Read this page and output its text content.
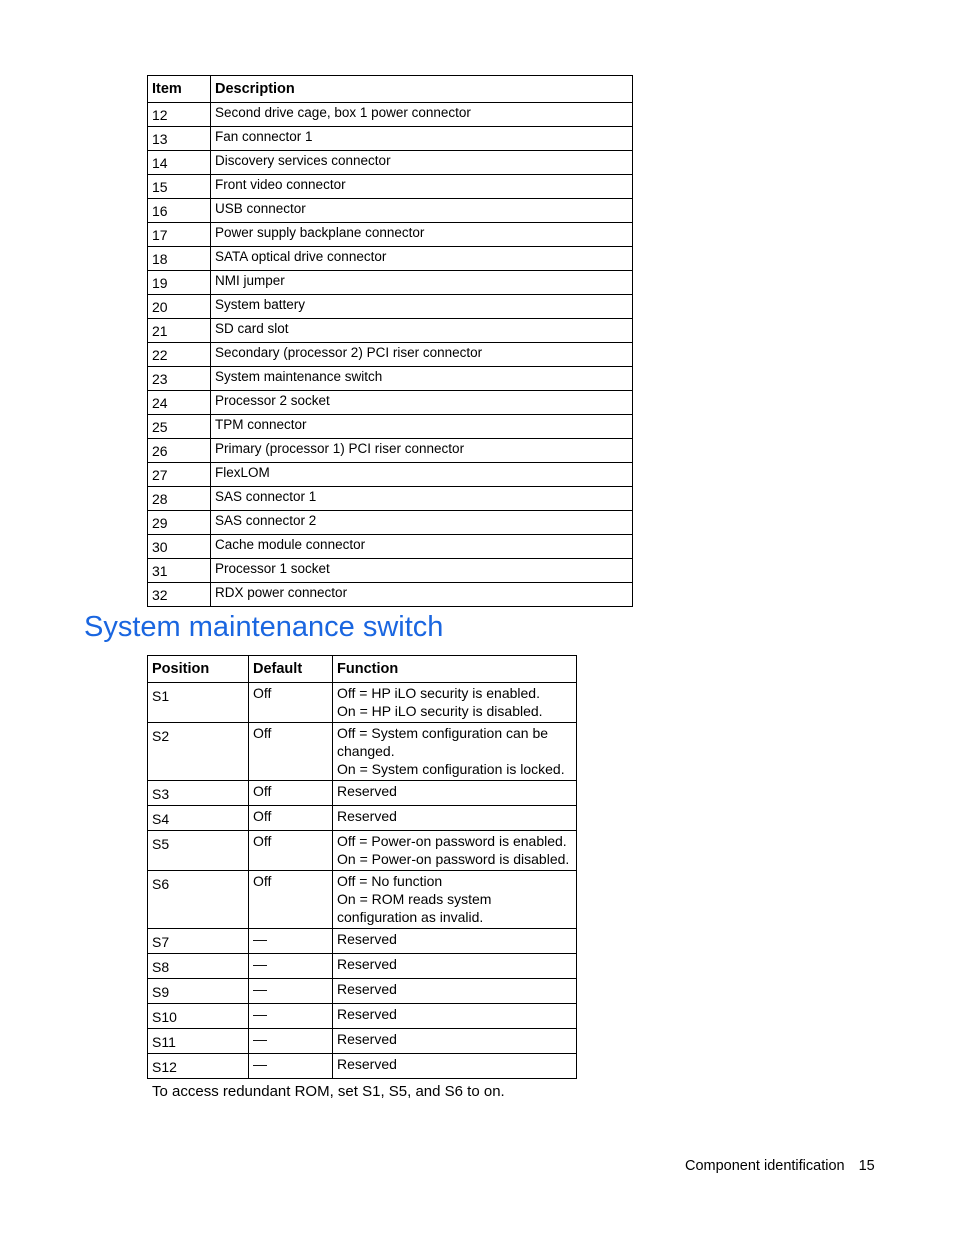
Item	Description
12	Second drive cage, box 1 power connector
13	Fan connector 1
14	Discovery services connector
15	Front video connector
16	USB connector
17	Power supply backplane connector
18	SATA optical drive connector
19	NMI jumper
20	System battery
21	SD card slot
22	Secondary (processor 2) PCI riser connector
23	System maintenance switch
24	Processor 2 socket
25	TPM connector
26	Primary (processor 1) PCI riser connector
27	FlexLOM
28	SAS connector 1
29	SAS connector 2
30	Cache module connector
31	Processor 1 socket
32	RDX power connector
System maintenance switch
Position	Default	Function
S1	Off	Off = HP iLO security is enabled.
On = HP iLO security is disabled.

S2	Off	Off = System configuration can be changed.
On = System configuration is locked.

S3	Off	Reserved

S4	Off	Reserved

S5	Off	Off = Power-on password is enabled.
On = Power-on password is disabled.

S6	Off	Off = No function
On = ROM reads system configuration as invalid.

S7	—	Reserved

S8	—	Reserved

S9	—	Reserved

S10	—	Reserved

S11	—	Reserved

S12	—	Reserved
To access redundant ROM, set S1, S5, and S6 to on.
Component identification 15
